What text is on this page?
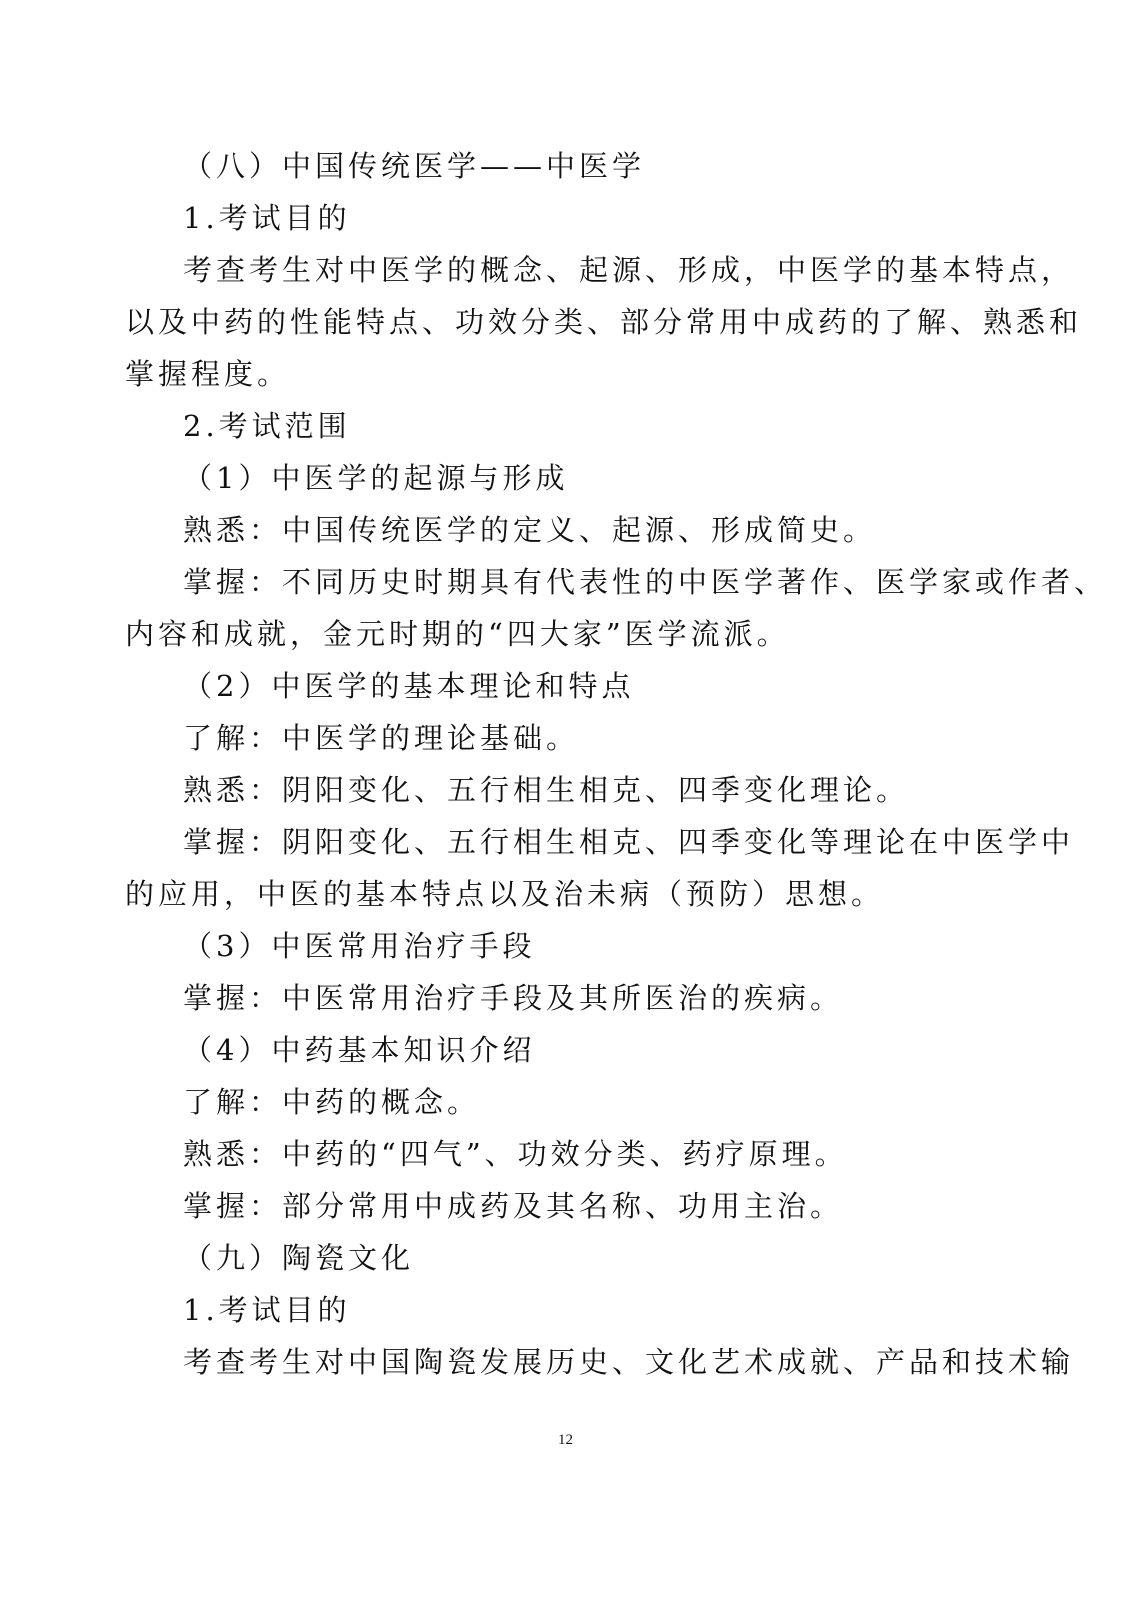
（八）中国传统医学——中医学
1.考试目的
考查考生对中医学的概念、起源、形成，中医学的基本特点，
以及中药的性能特点、功效分类、部分常用中成药的了解、熟悉和
掌握程度。
2.考试范围
（1）中医学的起源与形成
熟悉：中国传统医学的定义、起源、形成简史。
掌握：不同历史时期具有代表性的中医学著作、医学家或作者、
内容和成就，金元时期的“四大家”医学流派。
（2）中医学的基本理论和特点
了解：中医学的理论基础。
熟悉：阴阳变化、五行相生相克、四季变化理论。
掌握：阴阳变化、五行相生相克、四季变化等理论在中医学中
的应用，中医的基本特点以及治未病（预防）思想。
（3）中医常用治疗手段
掌握：中医常用治疗手段及其所医治的疾病。
（4）中药基本知识介绍
了解：中药的概念。
熟悉：中药的“四气”、功效分类、药疗原理。
掌握：部分常用中成药及其名称、功用主治。
（九）陶瓷文化
1.考试目的
考查考生对中国陶瓷发展历史、文化艺术成就、产品和技术输
12
